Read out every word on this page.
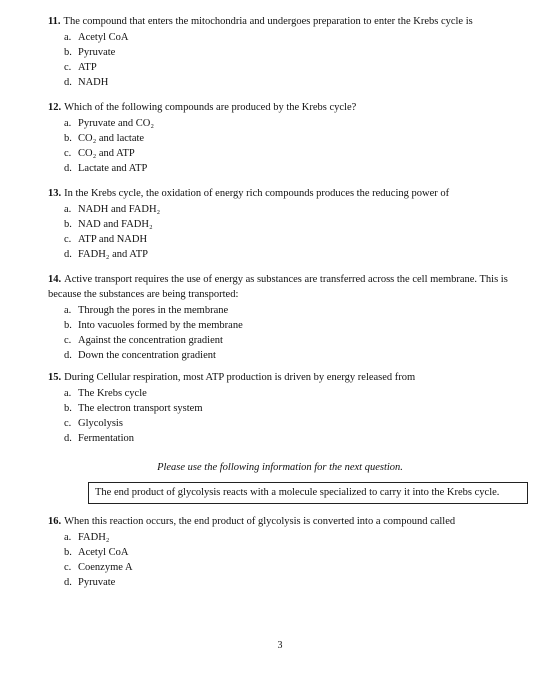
11. The compound that enters the mitochondria and undergoes preparation to enter the Krebs cycle is
a. Acetyl CoA
b. Pyruvate
c. ATP
d. NADH
12. Which of the following compounds are produced by the Krebs cycle?
a. Pyruvate and CO₂
b. CO₂ and lactate
c. CO₂ and ATP
d. Lactate and ATP
13. In the Krebs cycle, the oxidation of energy rich compounds produces the reducing power of
a. NADH and FADH₂
b. NAD and FADH₂
c. ATP and NADH
d. FADH₂ and ATP
14. Active transport requires the use of energy as substances are transferred across the cell membrane. This is because the substances are being transported:
a. Through the pores in the membrane
b. Into vacuoles formed by the membrane
c. Against the concentration gradient
d. Down the concentration gradient
15. During Cellular respiration, most ATP production is driven by energy released from
a. The Krebs cycle
b. The electron transport system
c. Glycolysis
d. Fermentation
Please use the following information for the next question.
The end product of glycolysis reacts with a molecule specialized to carry it into the Krebs cycle.
16. When this reaction occurs, the end product of glycolysis is converted into a compound called
a. FADH₂
b. Acetyl CoA
c. Coenzyme A
d. Pyruvate
3
